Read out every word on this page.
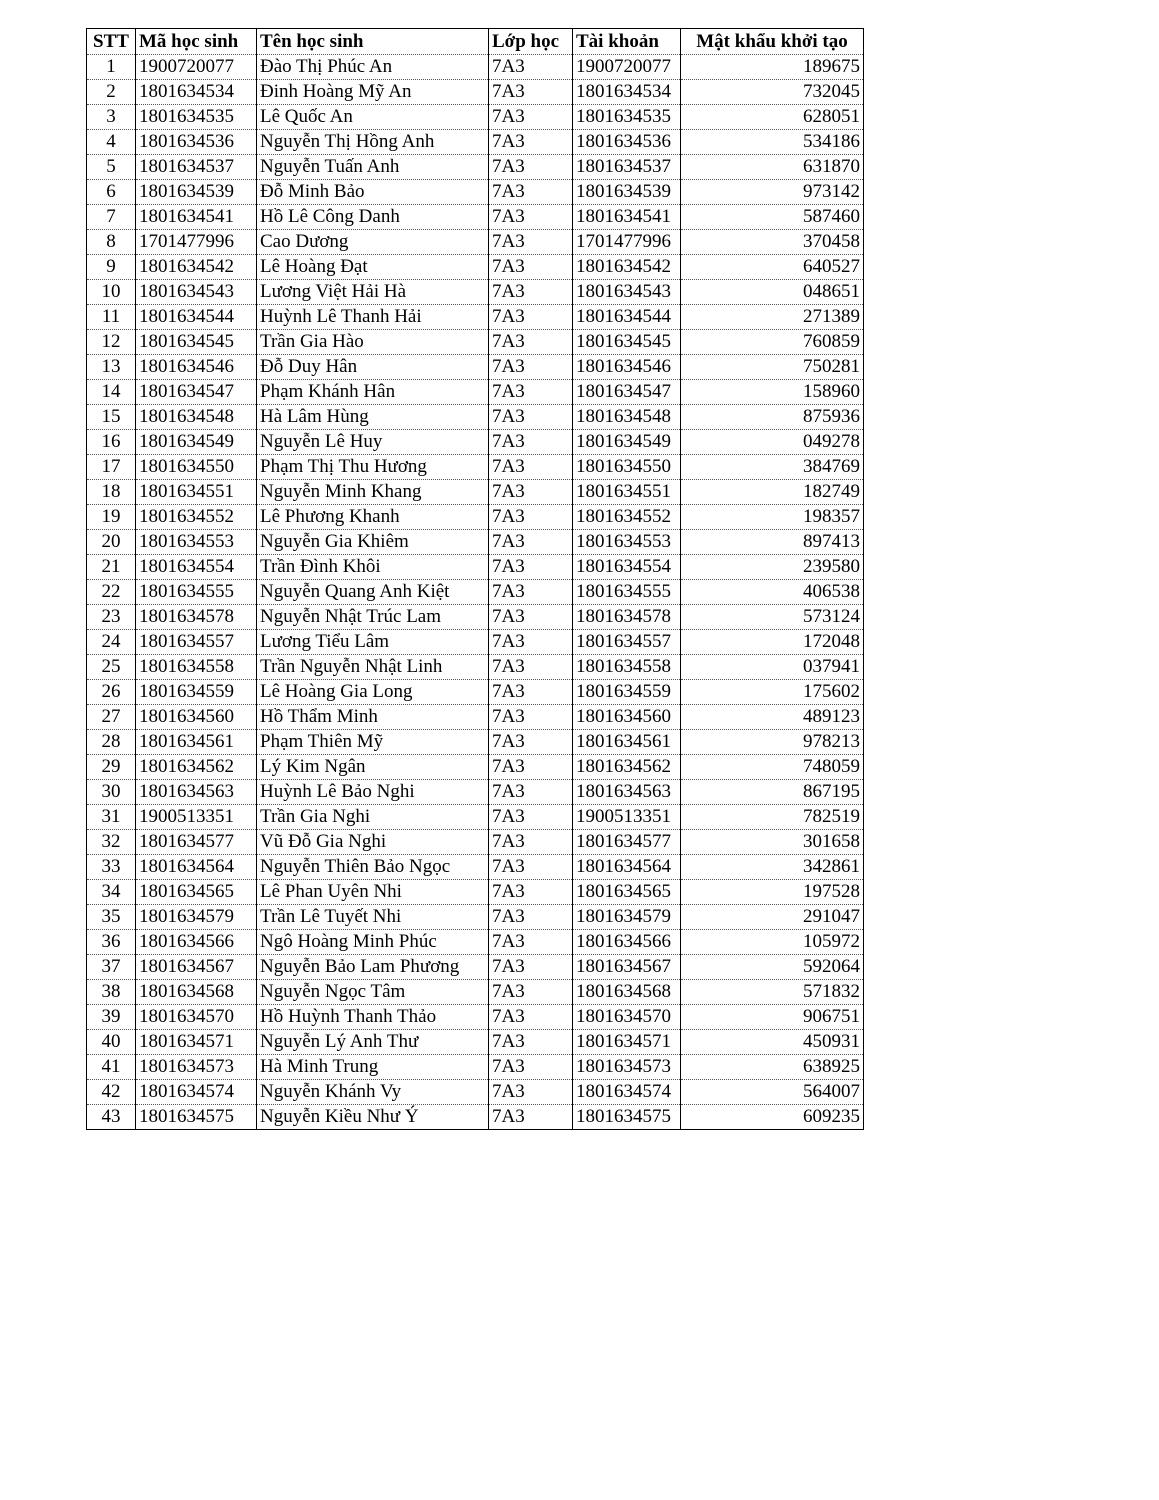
STT	Mã học sinh	Tên học sinh	Lớp học	Tài khoản	Mật khẩu khởi tạo
1	1900720077	Đào Thị Phúc An	7A3	1900720077	189675
2	1801634534	Đinh Hoàng Mỹ An	7A3	1801634534	732045
3	1801634535	Lê Quốc An	7A3	1801634535	628051
4	1801634536	Nguyễn Thị Hồng Anh	7A3	1801634536	534186
5	1801634537	Nguyễn Tuấn Anh	7A3	1801634537	631870
6	1801634539	Đỗ Minh Bảo	7A3	1801634539	973142
7	1801634541	Hồ Lê Công Danh	7A3	1801634541	587460
8	1701477996	Cao Dương	7A3	1701477996	370458
9	1801634542	Lê Hoàng Đạt	7A3	1801634542	640527
10	1801634543	Lương Việt Hải Hà	7A3	1801634543	048651
11	1801634544	Huỳnh Lê Thanh Hải	7A3	1801634544	271389
12	1801634545	Trần Gia Hào	7A3	1801634545	760859
13	1801634546	Đỗ Duy Hân	7A3	1801634546	750281
14	1801634547	Phạm Khánh Hân	7A3	1801634547	158960
15	1801634548	Hà Lâm Hùng	7A3	1801634548	875936
16	1801634549	Nguyễn Lê Huy	7A3	1801634549	049278
17	1801634550	Phạm Thị Thu Hương	7A3	1801634550	384769
18	1801634551	Nguyễn Minh Khang	7A3	1801634551	182749
19	1801634552	Lê Phương Khanh	7A3	1801634552	198357
20	1801634553	Nguyễn Gia Khiêm	7A3	1801634553	897413
21	1801634554	Trần Đình Khôi	7A3	1801634554	239580
22	1801634555	Nguyễn Quang Anh Kiệt	7A3	1801634555	406538
23	1801634578	Nguyễn Nhật Trúc Lam	7A3	1801634578	573124
24	1801634557	Lương Tiểu Lâm	7A3	1801634557	172048
25	1801634558	Trần Nguyễn Nhật Linh	7A3	1801634558	037941
26	1801634559	Lê Hoàng Gia Long	7A3	1801634559	175602
27	1801634560	Hồ Thẩm Minh	7A3	1801634560	489123
28	1801634561	Phạm Thiên Mỹ	7A3	1801634561	978213
29	1801634562	Lý Kim Ngân	7A3	1801634562	748059
30	1801634563	Huỳnh Lê Bảo Nghi	7A3	1801634563	867195
31	1900513351	Trần Gia Nghi	7A3	1900513351	782519
32	1801634577	Vũ Đỗ Gia Nghi	7A3	1801634577	301658
33	1801634564	Nguyễn Thiên Bảo Ngọc	7A3	1801634564	342861
34	1801634565	Lê Phan Uyên Nhi	7A3	1801634565	197528
35	1801634579	Trần Lê Tuyết Nhi	7A3	1801634579	291047
36	1801634566	Ngô Hoàng Minh Phúc	7A3	1801634566	105972
37	1801634567	Nguyễn Bảo Lam Phương	7A3	1801634567	592064
38	1801634568	Nguyễn Ngọc Tâm	7A3	1801634568	571832
39	1801634570	Hồ Huỳnh Thanh Thảo	7A3	1801634570	906751
40	1801634571	Nguyễn Lý Anh Thư	7A3	1801634571	450931
41	1801634573	Hà Minh Trung	7A3	1801634573	638925
42	1801634574	Nguyễn Khánh Vy	7A3	1801634574	564007
43	1801634575	Nguyễn Kiều Như Ý	7A3	1801634575	609235
